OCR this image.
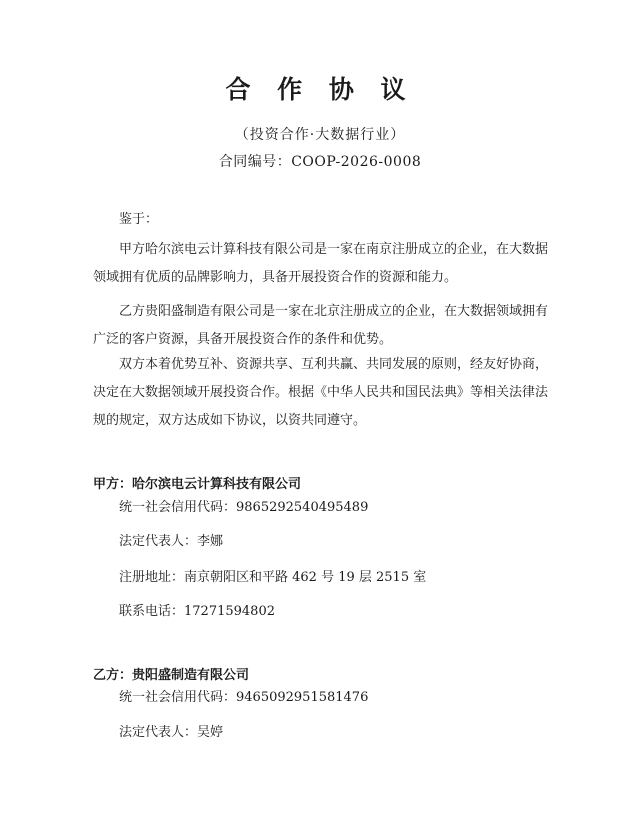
合 作 协 议
（投资合作·大数据行业）
合同编号：COOP-2026-0008
鉴于：

甲方哈尔滨电云计算科技有限公司是一家在南京注册成立的企业，在大数据领域拥有优质的品牌影响力，具备开展投资合作的资源和能力。

乙方贵阳盛制造有限公司是一家在北京注册成立的企业，在大数据领域拥有广泛的客户资源，具备开展投资合作的条件和优势。

双方本着优势互补、资源共享、互利共赢、共同发展的原则，经友好协商，决定在大数据领域开展投资合作。根据《中华人民共和国民法典》等相关法律法规的规定，双方达成如下协议，以资共同遵守。

甲方：哈尔滨电云计算科技有限公司
统一社会信用代码：9865292540495489
法定代表人：李娜
注册地址：南京朝阳区和平路 462 号 19 层 2515 室
联系电话：17271594802
乙方：贵阳盛制造有限公司
统一社会信用代码：9465092951581476
法定代表人：吴婷
